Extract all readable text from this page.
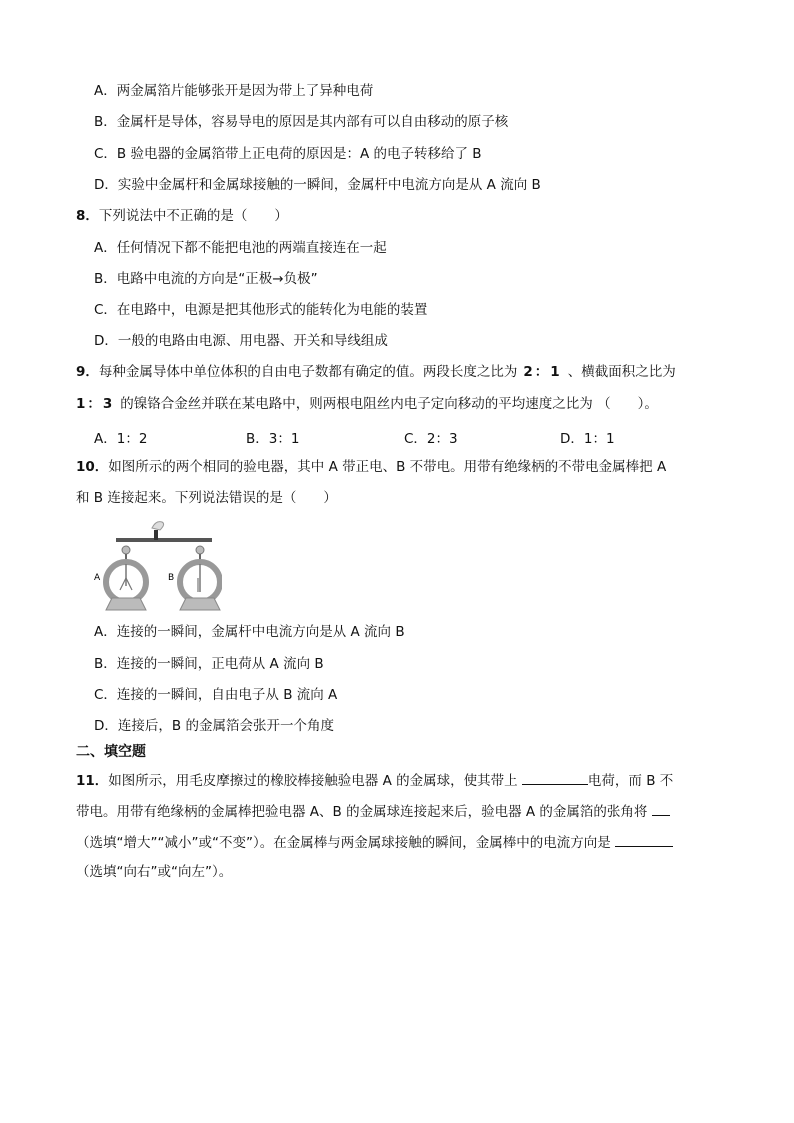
A．两金属箔片能够张开是因为带上了异种电荷
B．金属杆是导体，容易导电的原因是其内部有可以自由移动的原子核
C．B 验电器的金属箔带上正电荷的原因是：A 的电子转移给了 B
D．实验中金属杆和金属球接触的一瞬间，金属杆中电流方向是从 A 流向 B
8．下列说法中不正确的是（　　）
A．任何情况下都不能把电池的两端直接连在一起
B．电路中电流的方向是“正极→负极”
C．在电路中，电源是把其他形式的能转化为电能的装置
D．一般的电路由电源、用电器、开关和导线组成
9．每种金属导体中单位体积的自由电子数都有确定的值。两段长度之比为 2：1 、横截面积之比为
1：3 的镍铬合金丝并联在某电路中，则两根电阻丝内电子定向移动的平均速度之比为 （　　）。
A．1：2	B．3：1	C．2：3	D．1：1
10．如图所示的两个相同的验电器，其中 A 带正电、B 不带电。用带有绝缘柄的不带电金属棒把 A
和 B 连接起来。下列说法错误的是（　　）
A	B
A．连接的一瞬间，金属杆中电流方向是从 A 流向 B
B．连接的一瞬间，正电荷从 A 流向 B
C．连接的一瞬间，自由电子从 B 流向 A
D．连接后，B 的金属箔会张开一个角度
二、填空题
11．如图所示，用毛皮摩擦过的橡胶棒接触验电器 A 的金属球，使其带上	电荷，而 B 不
带电。用带有绝缘柄的金属棒把验电器 A、B 的金属球连接起来后，验电器 A 的金属箔的张角将
（选填“增大”“减小”或“不变”）。在金属棒与两金属球接触的瞬间，金属棒中的电流方向是
（选填“向右”或“向左”）。
